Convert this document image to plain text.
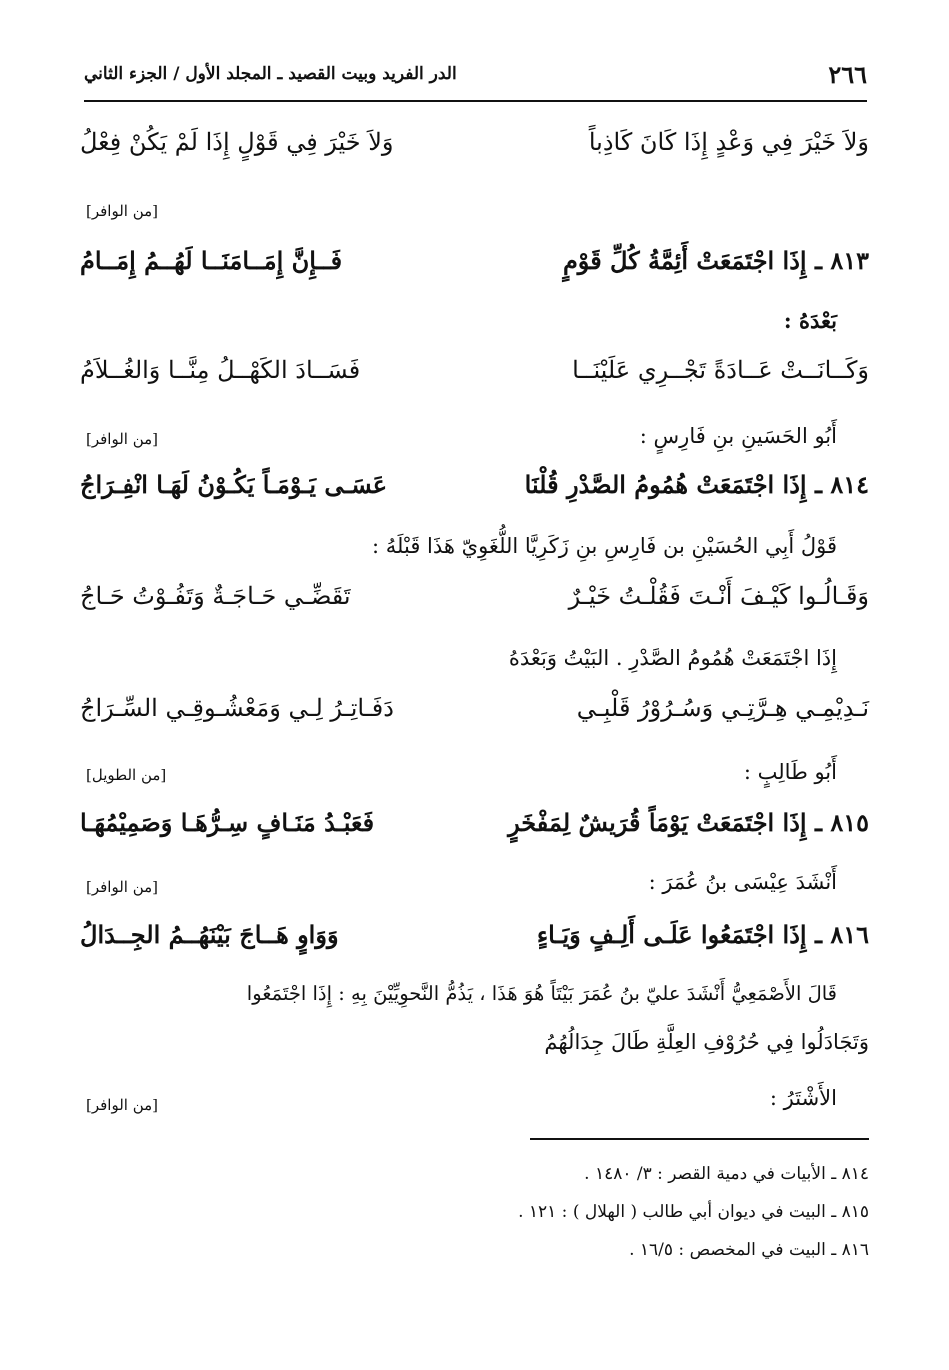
٢٦٦
الدر الفريد وبيت القصيد ـ المجلد الأول / الجزء الثاني
وَلاَ خَيْرَ فِي وَعْدٍ إِذَا كَانَ كَاذِباً
وَلاَ خَيْرَ فِي قَوْلٍ إِذَا لَمْ يَكُنْ فِعْلُ
[من الوافر]
٨١٣ ـ إِذَا اجْتَمَعَتْ أَئِمَّةُ كُلِّ قَوْمٍ
فَــإِنَّ إِمَــامَنَــا لَهُــمُ إِمَــامُ
بَعْدَهُ :
وَكَــانَــتْ عَــادَةً تَجْــرِي عَلَيْنَــا
فَسَــادَ الكَهْــلُ مِنَّــا وَالغُــلاَمُ
أَبُو الحَسَينِ بنِ فَارِسٍ :
[من الوافر]
٨١٤ ـ إِذَا اجْتَمَعَتْ هُمُومُ الصَّدْرِ قُلْنَا
عَسَـى يَـوْمَـاً يَكُـوْنُ لَهَـا انْفِـرَاجُ
قَوْلُ أَبِي الحُسَيْنِ بن فَارِسِ بنِ زَكَرِيَّا اللُّغَوِيّ هَذَا قَبْلَهُ :
وَقَـالُـوا كَيْـفَ أَنْـتَ فَقُلْـتُ خَيْـرٌ
تَقَضِّـي حَـاجَـةٌ وَتَفُـوْتُ حَـاجُ
إِذَا اجْتَمَعَتْ هُمُومُ الصَّدْرِ . البَيْتُ وَبَعْدَهُ
نَـدِيْمِـي هِـرَّتِـي وَسُـرُوْرُ قَلْبِـي
دَفَـاتِـرُ لِـي وَمَعْشُـوقِـي السِّـرَاجُ
أَبُو طَالِبٍ :
[من الطويل]
٨١٥ ـ إِذَا اجْتَمَعَتْ يَوْمَاً قُرَيشٌ لِمَفْخَرٍ
فَعَبْـدُ مَنَـافٍ سِـرُّهَـا وَصَمِيْمُهَـا
أَنْشَدَ عِيْسَى بنُ عُمَرَ :
[من الوافر]
٨١٦ ـ إِذَا اجْتَمَعُوا عَلَـى أَلِـفٍ وَيَـاءٍ
وَوَاوٍ هَــاجَ بَيْنَهُــمُ الجِــدَالُ
قَالَ الأَصْمَعِيُّ أَنْشَدَ عليّ بنُ عُمَرَ بَيْتَاً هُوَ هَذَا ، يَذُمُّ النَّحوِيِّيْنَ بِهِ : إِذَا اجْتَمَعُوا
وَتَجَادَلُوا فِي حُرُوْفِ العِلَّةِ طَالَ جِدَالُهُمُ
الأَشْتَرُ :
[من الوافر]
٨١٤ ـ الأبيات في دمية القصر : ٣/ ١٤٨٠ .
٨١٥ ـ البيت في ديوان أبي طالب ( الهلال ) : ١٢١ .
٨١٦ ـ البيت في المخصص : ١٦/٥ .
